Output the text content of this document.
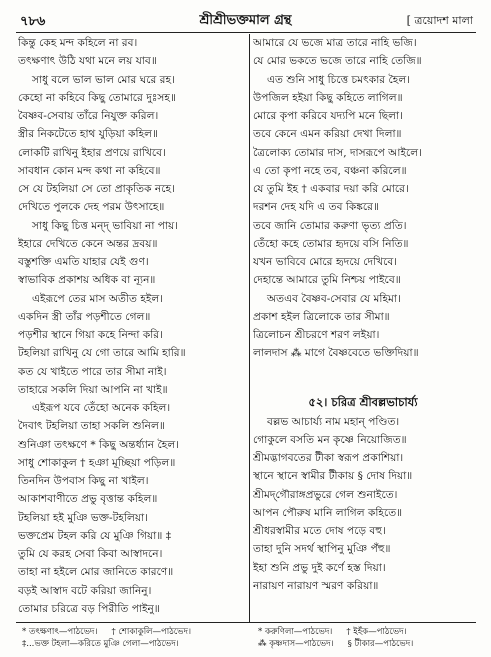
৭৮৬	শ্রীশ্রীভক্তমাল গ্রন্থ	[ ত্রয়োদশ মালা
কিন্তু কেহ মন্দ কহিলে না রব।
তৎক্ষণাৎ উঠি যথা মনে লয় যাব॥
সাধু বলে ভাল ভাল মোর ঘরে রহ।
কেহো না কহিবে কিছু তোমারে দুঃসহ॥
বৈষ্ণব-সেবায় তাঁরে নিযুক্ত করিল।
স্ত্রীর নিকটেতে হাথ যুড়িয়া কহিল॥
লোকটি রাখিনু ইহার প্রণয়ে রাখিবে।
সাবধান কোন মন্দ কথা না কহিবে॥
সে যে টহলিয়া সে তো প্রাকৃতিক নহে।
দেখিতে পুলকে দেহ পরম উৎসাহে॥
সাধু কিছু চিত্ত মন্দ্ ভাবিয়া না পায়।
ইহারে দেখিতে কেনে অন্তর দ্রবয়॥
বস্তুশক্তি এমতি যাহার যেই গুণ।
স্বাভাবিক প্রকাশয় অধিক বা ন্যূন॥
এইরূপে তের মাস অতীত হইল।
একদিন স্ত্রী তাঁর পড়শীতে গেল॥
পড়শীর স্থানে গিয়া কহে নিন্দা করি।
টহলিয়া রাখিনু যে গো তারে আমি হারি॥
কত যে খাইতে পারে তার সীমা নাই।
তাহারে সকলি দিয়া আপনি না খাই॥
এইরূপ যবে তেঁহো অনেক কহিল।
দৈবাৎ টহলিয়া তাহা সকলি শুনিল॥
শুনিঞা তৎক্ষণে * কিছু অন্তর্ধ্যান হৈল।
সাধু শোকাকুল † হঞা মূচ্ছিয়া পড়িল॥
তিনদিন উপবাস কিছু না খাইল।
আকাশবাণীতে প্রভু বৃত্তান্ত কহিল॥
টহলিয়া হই মুঞি ভক্ত-টহলিয়া।
ভক্তপ্রেম টহল করি যে মুঞি গিয়া॥ ‡
তুমি যে করহ সেবা কিবা আস্বাদনে।
তাহা না হইলে মোর জানিতে কারণে॥
বড়ই আস্বাদ বটে করিয়া জানিনু।
তোমার চরিত্রে বড় পিরীতি পাইনু॥
আমারে যে ভজে মাত্র তারে নাহি ভজি।
যে মোর ভকতে ভজে তারে নাহি তেজি॥
এত শুনি সাধু চিত্তে চমৎকার হৈল।
উপজিল হইয়া কিছু কহিতে লাগিল॥
মোরে কৃপা করিবে যদ্যপি মনে ছিলা।
তবে কেনে এমন করিয়া দেখা দিলা॥
ত্রৈলোক্য তোমার দাস, দাসরূপে আইলে।
এ তো কৃপা নহে তব, বঞ্চনা করিলে॥
যে তুমি ইহ † একবার দয়া করি মোরে।
দরশন দেহ যদি এ তব কিঙ্করে॥
তবে জানি তোমার করুণা ভৃত্য প্রতি।
তেঁহো কহে তোমার হৃদয়ে বসি নিতি॥
যখন ভাবিবে মোরে হৃদয়ে দেখিবে।
দেহান্তে আমারে তুমি নিশ্চয় পাইবে॥
অতএব বৈষ্ণব-সেবার যে মহিমা।
প্রকাশ হইল ত্রিলোকে তার সীমা॥
ত্রিলোচন শ্রীচরণে শরণ লইয়া।
লালদাস ⁂ মাগে বৈষ্ণবেতে ভক্তিদিয়া॥
৫২। চরিত্র শ্রীবল্লভাচার্য্য
বল্লভ আচার্য্য নাম মহান্ পণ্ডিত।
গোকুলে বসতি মন কৃষ্ণে নিয়োজিত॥
শ্রীমদ্ভাগবতের টীকা স্বরূপ প্রকাশিয়া।
স্থানে স্থানে স্বামীর টীকায় § দোষ দিয়া॥
শ্রীমদ্‌গৌরাঙ্গপ্রভুরে গেল শুনাইতে।
আপন পৌরুষ মানি লাগিল কহিতে॥
শ্রীধরস্বামীর মতে দোষ পড়ে বহু।
তাহা দুনি সদর্থ স্থাপিনু মুঞি পঁহু॥
ইহা শুনি প্রভু দুই কর্ণে হস্ত দিয়া।
নারায়ণ নারায়ণ স্মরণ করিয়া॥
* তৎক্ষণাৎ—পাঠভেদ। † শোকাকুলি—পাঠভেদ।
‡...ভক্ত টহলা—করিতে মুঞি গেলা—পাঠভেদ।
* করুণিলা—পাঠভেদ। † ইহঁক—পাঠভেদ।
⁂ কৃষ্ণদাস—পাঠভেদ। § টীকার—পাঠভেদ।
